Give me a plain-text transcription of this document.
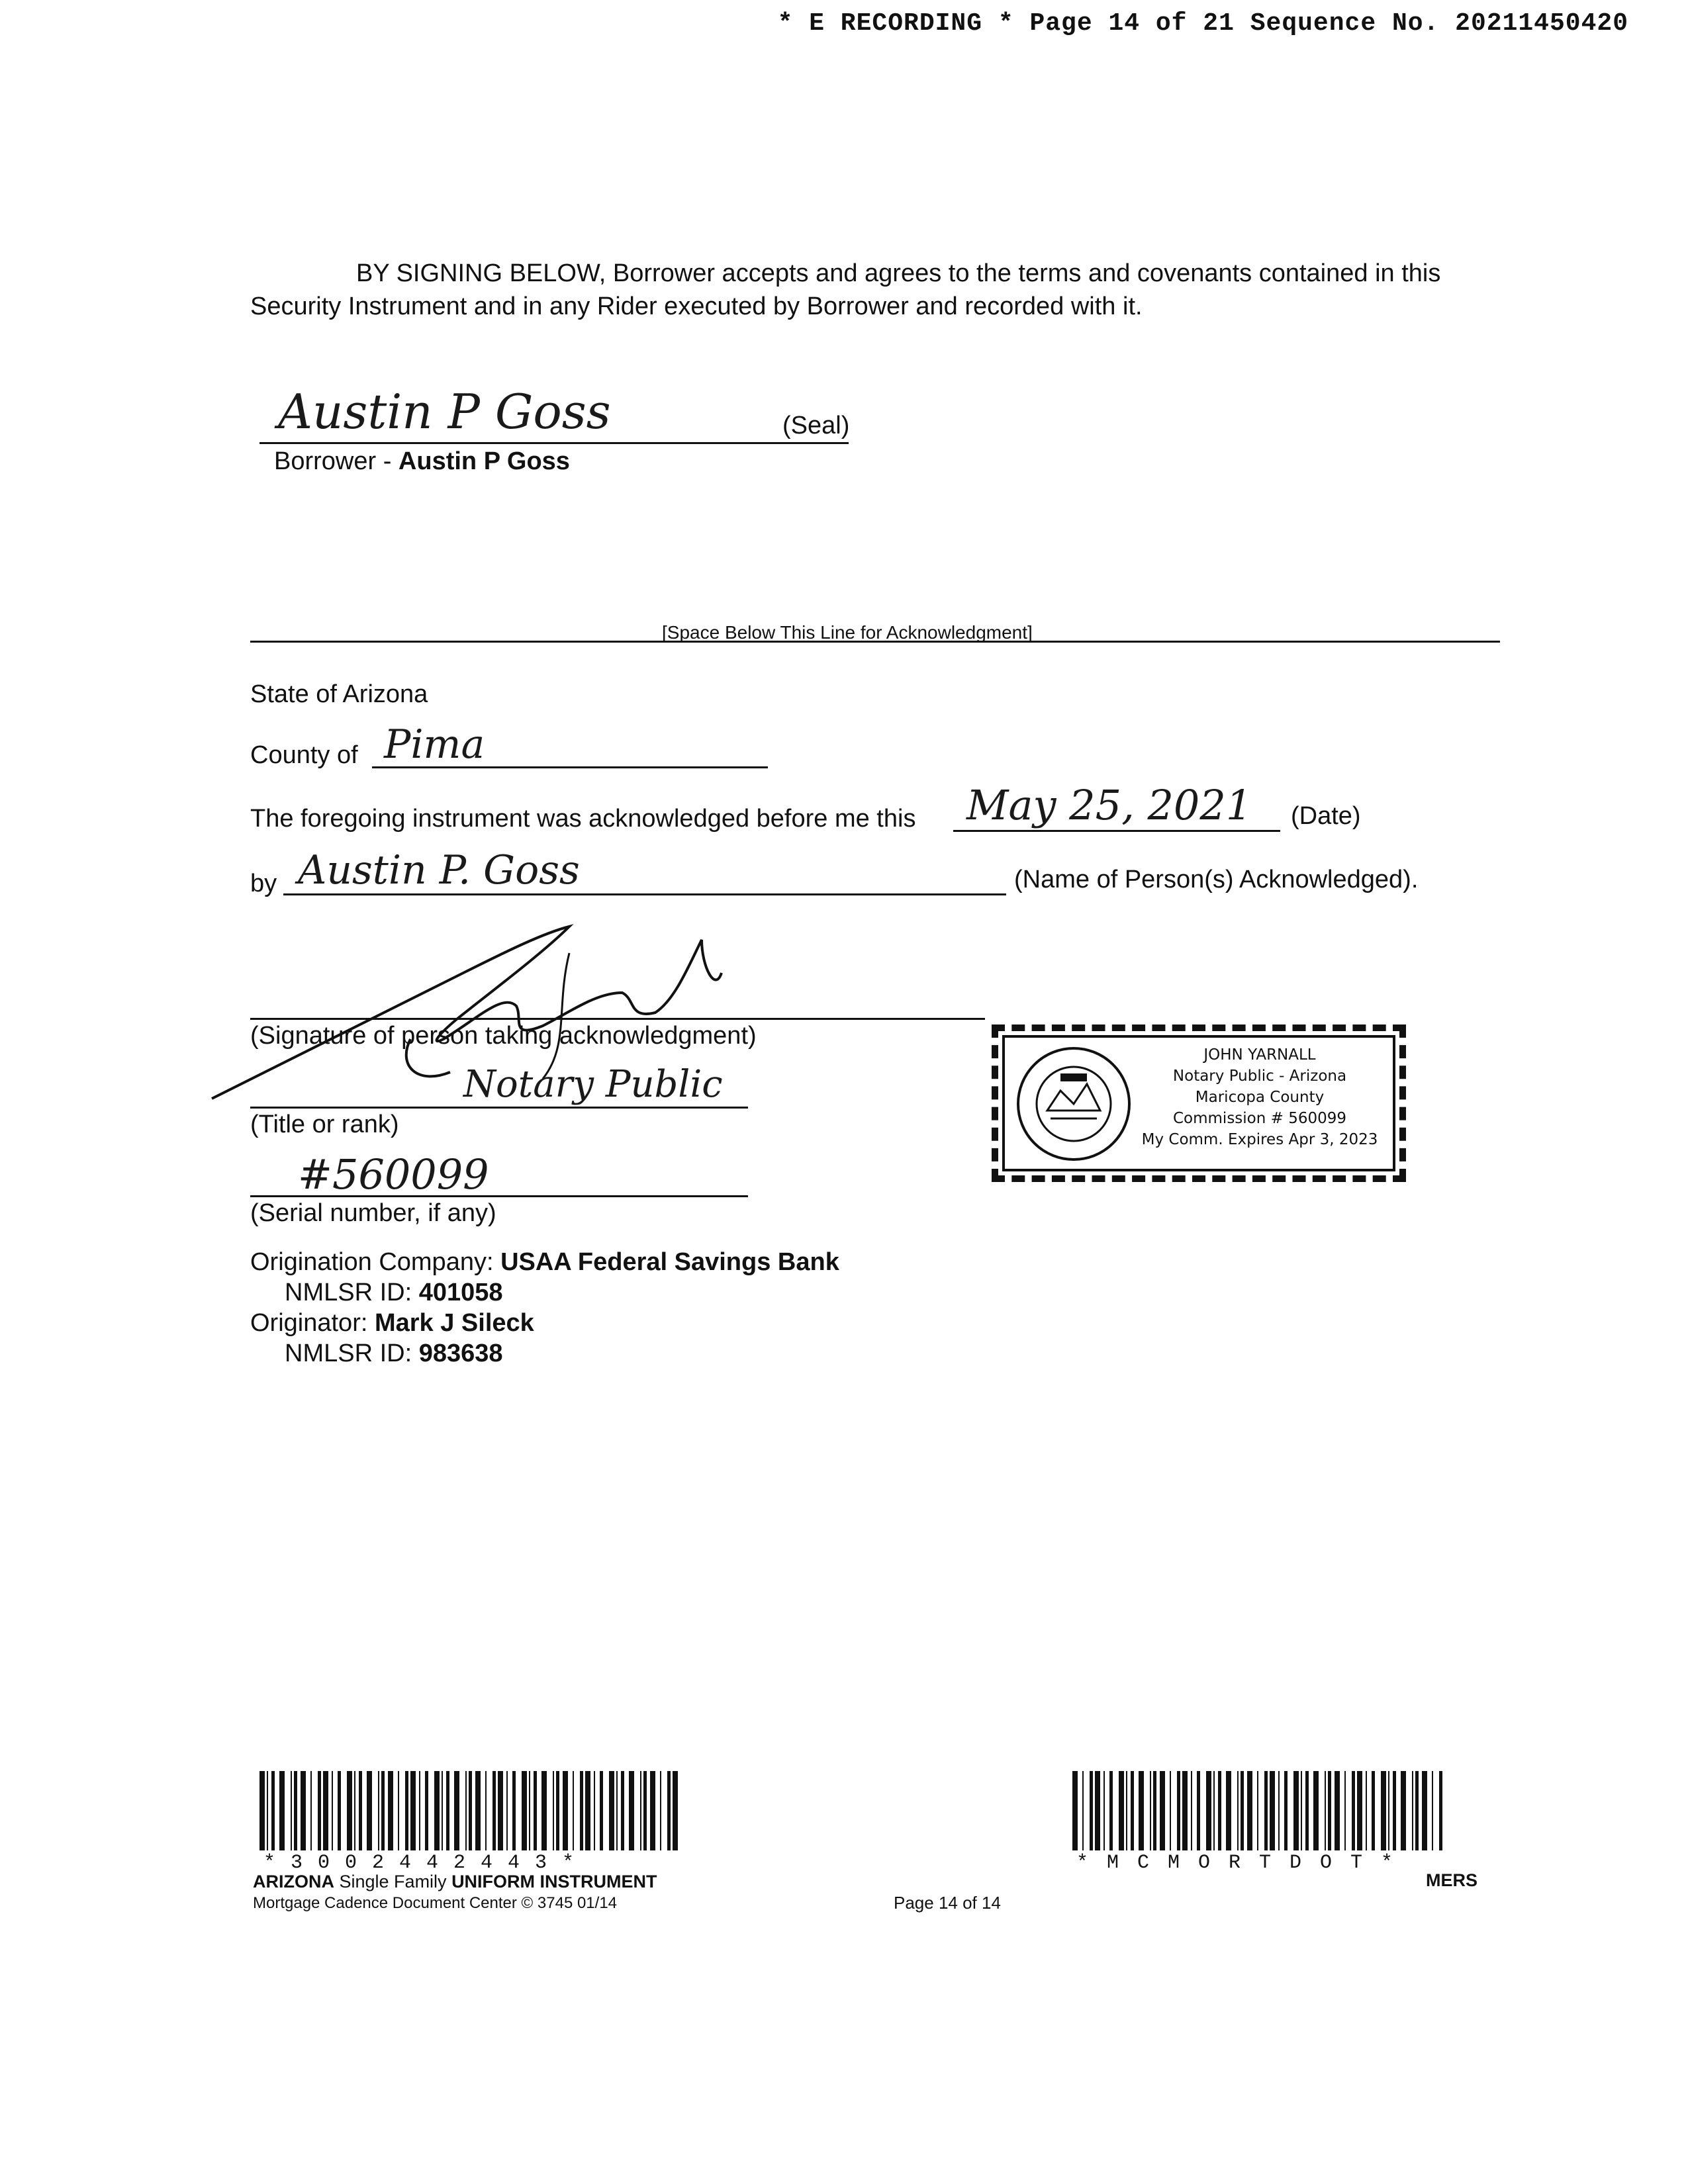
* E RECORDING * Page 14 of 21 Sequence No. 20211450420
BY SIGNING BELOW, Borrower accepts and agrees to the terms and covenants contained in this
Security Instrument and in any Rider executed by Borrower and recorded with it.
Austin P Goss	(Seal)
Borrower - Austin P Goss
[Space Below This Line for Acknowledgment]
State of Arizona
County of Pima
The foregoing instrument was acknowledged before me this May 25, 2021 (Date)
by Austin P. Goss	(Name of Person(s) Acknowledged).
(Signature of person taking acknowledgment)
Notary Public
(Title or rank)
#560099
(Serial number, if any)
JOHN YARNALL
Notary Public - Arizona
Maricopa County
Commission # 560099
My Comm. Expires Apr 3, 2023
Origination Company: USAA Federal Savings Bank
NMLSR ID: 401058
Originator: Mark J Sileck
NMLSR ID: 983638
*3002442443*	*MCMORTDOT*
ARIZONA Single Family UNIFORM INSTRUMENT
Mortgage Cadence Document Center © 3745 01/14	Page 14 of 14
MERS
